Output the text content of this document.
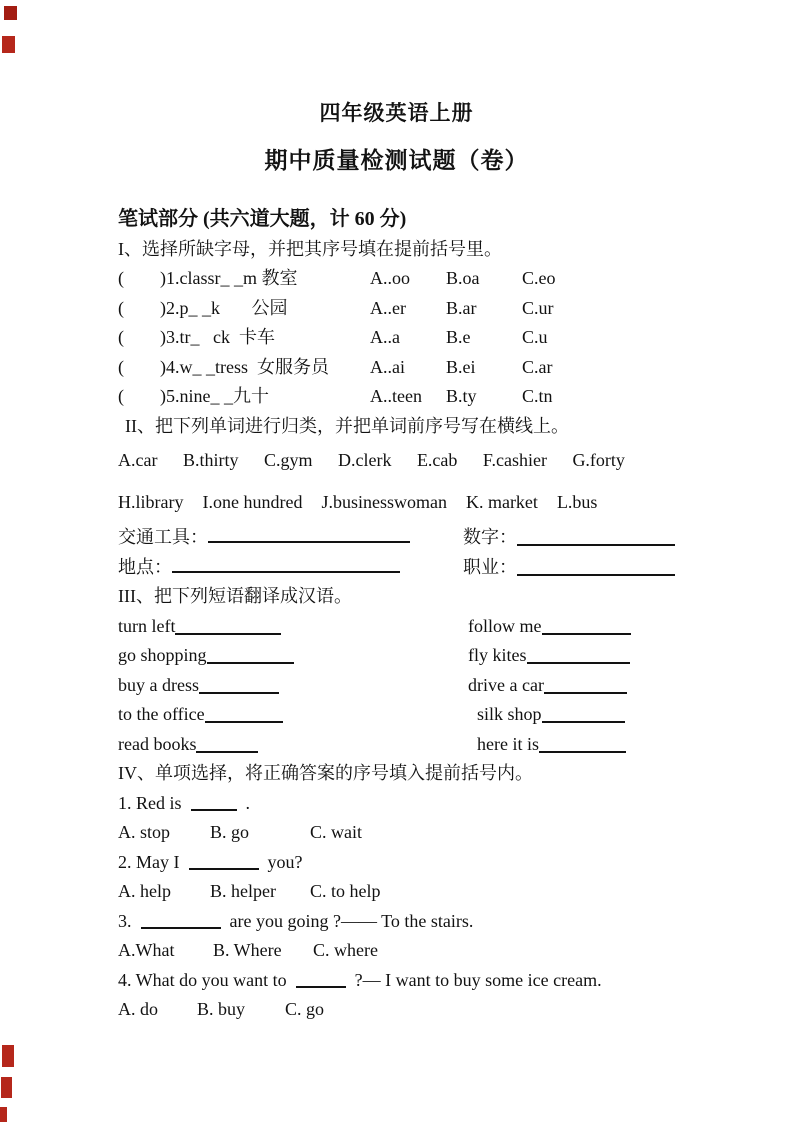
四年级英语上册
期中质量检测试题（卷）
笔试部分 (共六道大题，计 60 分)
I、选择所缺字母，并把其序号填在提前括号里。
(        )1.classr_ _m 教室	A..oo	B.oa	C.eo
(        )2.p_ _k       公园	A..er	B.ar	C.ur
(        )3.tr_   ck  卡车	A..a	B.e	C.u
(        )4.w_ _tress  女服务员	A..ai	B.ei	C.ar
(        )5.nine_ _九十	A..teen	B.ty	C.tn
II、把下列单词进行归类，并把单词前序号写在横线上。
A.car B.thirty C.gym D.clerk E.cab F.cashier G.forty
H.library I.one hundred J.businesswoman K. market L.bus
交通工具：	数字：
地点：	职业：
III、把下列短语翻译成汉语。
turn left	follow me
go shopping	fly kites
buy a dress	drive a car
to the office	silk shop
read books	here it is
IV、单项选择，将正确答案的序号填入提前括号内。
1. Red is	.
A. stop B. go	C. wait
2. May I	you?
A. help B. helper C. to help
3.	are you going ?—— To the stairs.
A.What B. Where C. where
4. What do you want to	?— I want to buy some ice cream.
A. do B. buy C. go
